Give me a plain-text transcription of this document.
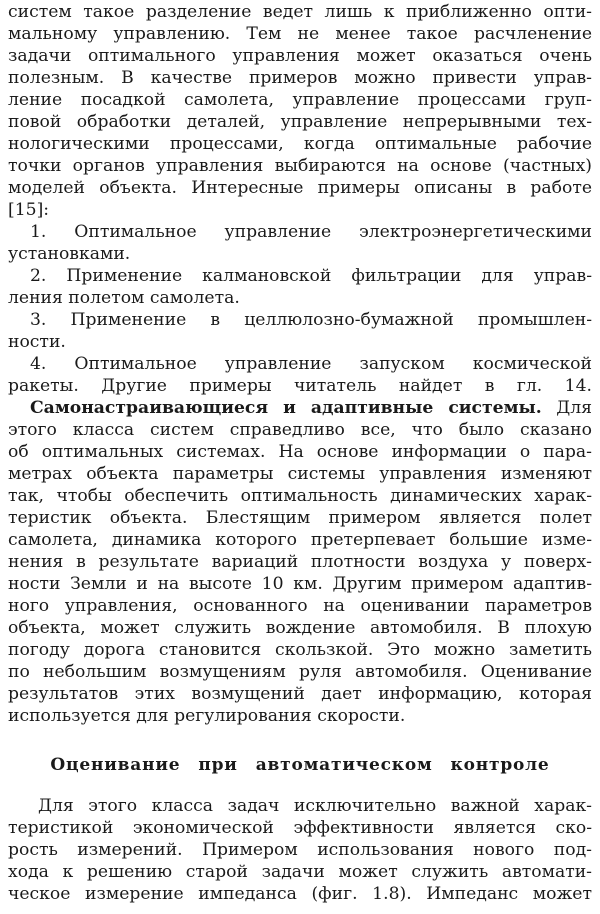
систем такое разделение ведет лишь к приближенно опти-
мальному управлению. Тем не менее такое расчленение
задачи оптимального управления может оказаться очень
полезным. В качестве примеров можно привести управ-
ление посадкой самолета, управление процессами груп-
повой обработки деталей, управление непрерывными тех-
нологическими процессами, когда оптимальные рабочие
точки органов управления выбираются на основе (частных)
моделей объекта. Интересные примеры описаны в работе
[15]:
1. Оптимальное управление электроэнергетическими
установками.
2. Применение калмановской фильтрации для управ-
ления полетом самолета.
3. Применение в целлюлозно-бумажной промышлен-
ности.
4. Оптимальное управление запуском космической
ракеты. Другие примеры читатель найдет в гл. 14.
Самонастраивающиеся и адаптивные системы. Для
этого класса систем справедливо все, что было сказано
об оптимальных системах. На основе информации о пара-
метрах объекта параметры системы управления изменяют
так, чтобы обеспечить оптимальность динамических харак-
теристик объекта. Блестящим примером является полет
самолета, динамика которого претерпевает большие изме-
нения в результате вариаций плотности воздуха у поверх-
ности Земли и на высоте 10 км. Другим примером адаптив-
ного управления, основанного на оценивании параметров
объекта, может служить вождение автомобиля. В плохую
погоду дорога становится скользкой. Это можно заметить
по небольшим возмущениям руля автомобиля. Оценивание
результатов этих возмущений дает информацию, которая
используется для регулирования скорости.
Оценивание при автоматическом контроле
Для этого класса задач исключительно важной харак-
теристикой экономической эффективности является ско-
рость измерений. Примером использования нового под-
хода к решению старой задачи может служить автомати-
ческое измерение импеданса (фиг. 1.8). Импеданс может
